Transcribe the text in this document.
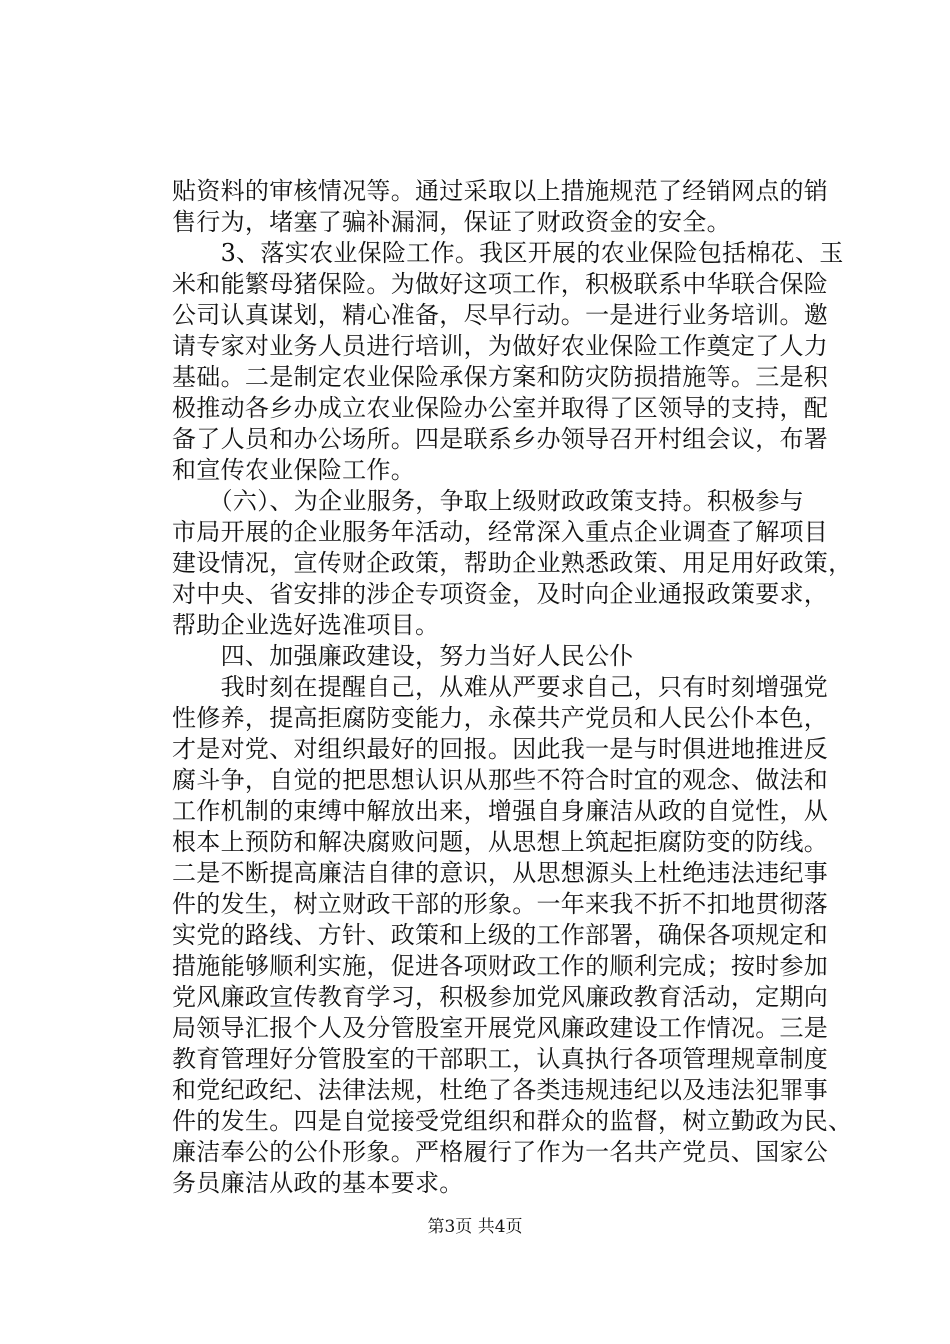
贴资料的审核情况等。通过采取以上措施规范了经销网点的销
售行为，堵塞了骗补漏洞，保证了财政资金的安全。
　　3、落实农业保险工作。我区开展的农业保险包括棉花、玉
米和能繁母猪保险。为做好这项工作，积极联系中华联合保险
公司认真谋划，精心准备，尽早行动。一是进行业务培训。邀
请专家对业务人员进行培训，为做好农业保险工作奠定了人力
基础。二是制定农业保险承保方案和防灾防损措施等。三是积
极推动各乡办成立农业保险办公室并取得了区领导的支持，配
备了人员和办公场所。四是联系乡办领导召开村组会议，布署
和宣传农业保险工作。
　　（六）、为企业服务，争取上级财政政策支持。积极参与
市局开展的企业服务年活动，经常深入重点企业调查了解项目
建设情况，宣传财企政策，帮助企业熟悉政策、用足用好政策，
对中央、省安排的涉企专项资金，及时向企业通报政策要求，
帮助企业选好选准项目。
　　四、加强廉政建设，努力当好人民公仆
　　我时刻在提醒自己，从难从严要求自己，只有时刻增强党
性修养，提高拒腐防变能力，永葆共产党员和人民公仆本色，
才是对党、对组织最好的回报。因此我一是与时俱进地推进反
腐斗争，自觉的把思想认识从那些不符合时宜的观念、做法和
工作机制的束缚中解放出来，增强自身廉洁从政的自觉性，从
根本上预防和解决腐败问题，从思想上筑起拒腐防变的防线。
二是不断提高廉洁自律的意识，从思想源头上杜绝违法违纪事
件的发生，树立财政干部的形象。一年来我不折不扣地贯彻落
实党的路线、方针、政策和上级的工作部署，确保各项规定和
措施能够顺利实施，促进各项财政工作的顺利完成；按时参加
党风廉政宣传教育学习，积极参加党风廉政教育活动，定期向
局领导汇报个人及分管股室开展党风廉政建设工作情况。三是
教育管理好分管股室的干部职工，认真执行各项管理规章制度
和党纪政纪、法律法规，杜绝了各类违规违纪以及违法犯罪事
件的发生。四是自觉接受党组织和群众的监督，树立勤政为民、
廉洁奉公的公仆形象。严格履行了作为一名共产党员、国家公
务员廉洁从政的基本要求。
第3页 共4页
